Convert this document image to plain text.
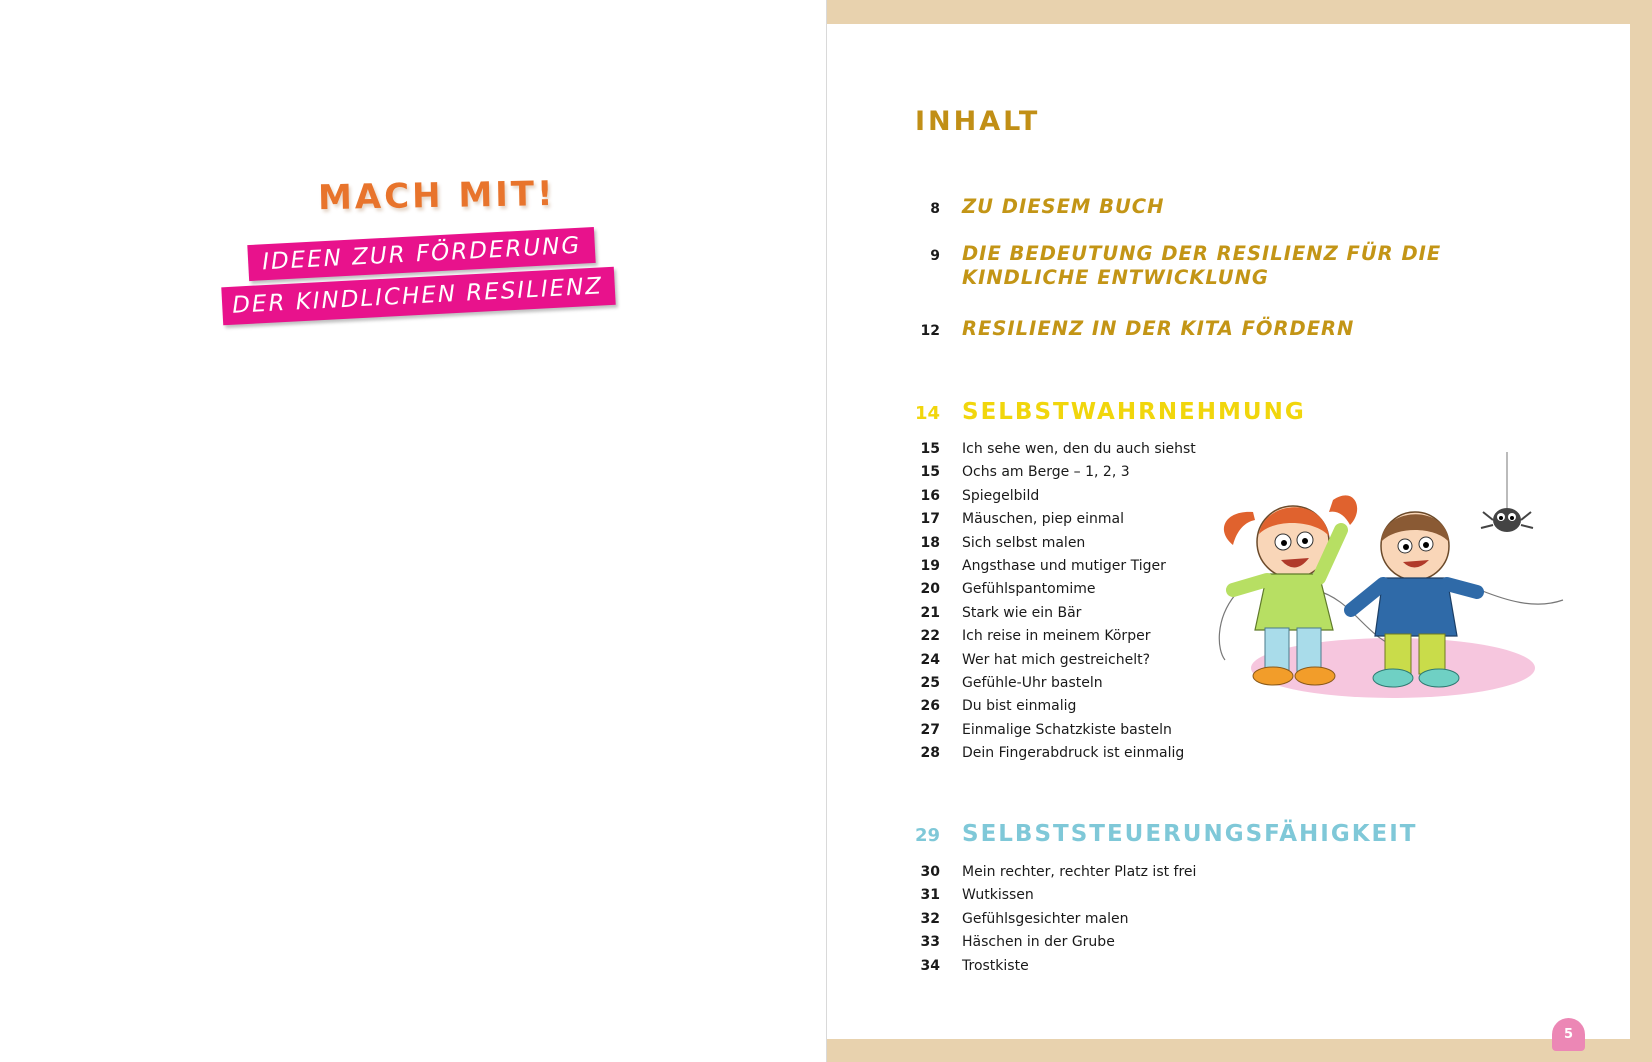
MACH MIT!
IDEEN ZUR FÖRDERUNG
DER KINDLICHEN RESILIENZ
INHALT
8 ZU DIESEM BUCH
9 DIE BEDEUTUNG DER RESILIENZ FÜR DIE
KINDLICHE ENTWICKLUNG
12 RESILIENZ IN DER KITA FÖRDERN
14 SELBSTWAHRNEHMUNG
15 Ich sehe wen, den du auch siehst
15 Ochs am Berge – 1, 2, 3
16 Spiegelbild
17 Mäuschen, piep einmal
18 Sich selbst malen
19 Angsthase und mutiger Tiger
20 Gefühlspantomime
21 Stark wie ein Bär
22 Ich reise in meinem Körper
24 Wer hat mich gestreichelt?
25 Gefühle-Uhr basteln
26 Du bist einmalig
27 Einmalige Schatzkiste basteln
28 Dein Fingerabdruck ist einmalig
29 SELBSTSTEUERUNGSFÄHIGKEIT
30 Mein rechter, rechter Platz ist frei
31 Wutkissen
32 Gefühlsgesichter malen
33 Häschen in der Grube
34 Trostkiste
5
